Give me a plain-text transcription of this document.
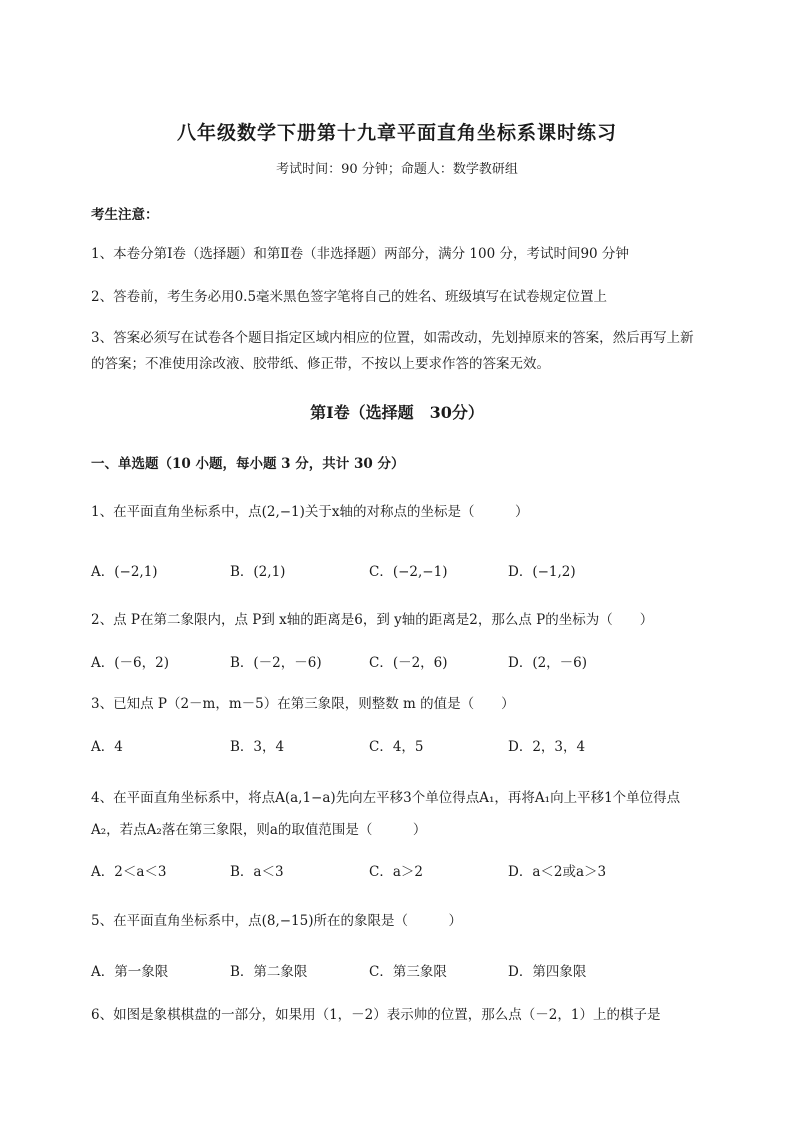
八年级数学下册第十九章平面直角坐标系课时练习
考试时间：90 分钟；命题人：数学教研组
考生注意：
1、本卷分第Ⅰ卷（选择题）和第Ⅱ卷（非选择题）两部分，满分 100 分，考试时间90 分钟
2、答卷前，考生务必用0.5毫米黑色签字笔将自己的姓名、班级填写在试卷规定位置上
3、答案必须写在试卷各个题目指定区域内相应的位置，如需改动，先划掉原来的答案，然后再写上新
的答案；不准使用涂改液、胶带纸、修正带，不按以上要求作答的答案无效。
第Ⅰ卷（选择题　30分）
一、单选题（10 小题，每小题 3 分，共计 30 分）
1、在平面直角坐标系中，点(2,−1)关于x轴的对称点的坐标是（　　　）
A．(−2,1)	B．(2,1)	C．(−2,−1)	D．(−1,2)
2、点 P在第二象限内，点 P到 x轴的距离是6，到 y轴的距离是2，那么点 P的坐标为（　　）
A．(－6，2)	B．(－2，－6)	C．(－2，6)	D．(2，－6)
3、已知点 P（2－m，m－5）在第三象限，则整数 m 的值是（　　）
A．4	B．3，4	C．4，5	D．2，3，4
4、在平面直角坐标系中，将点A(a,1−a)先向左平移3个单位得点A₁，再将A₁向上平移1个单位得点
A₂，若点A₂落在第三象限，则a的取值范围是（　　　）
A．2＜a＜3	B．a＜3	C．a＞2	D．a＜2或a＞3
5、在平面直角坐标系中，点(8,−15)所在的象限是（　　　）
A．第一象限	B．第二象限	C．第三象限	D．第四象限
6、如图是象棋棋盘的一部分，如果用（1，－2）表示帅的位置，那么点（－2，1）上的棋子是
